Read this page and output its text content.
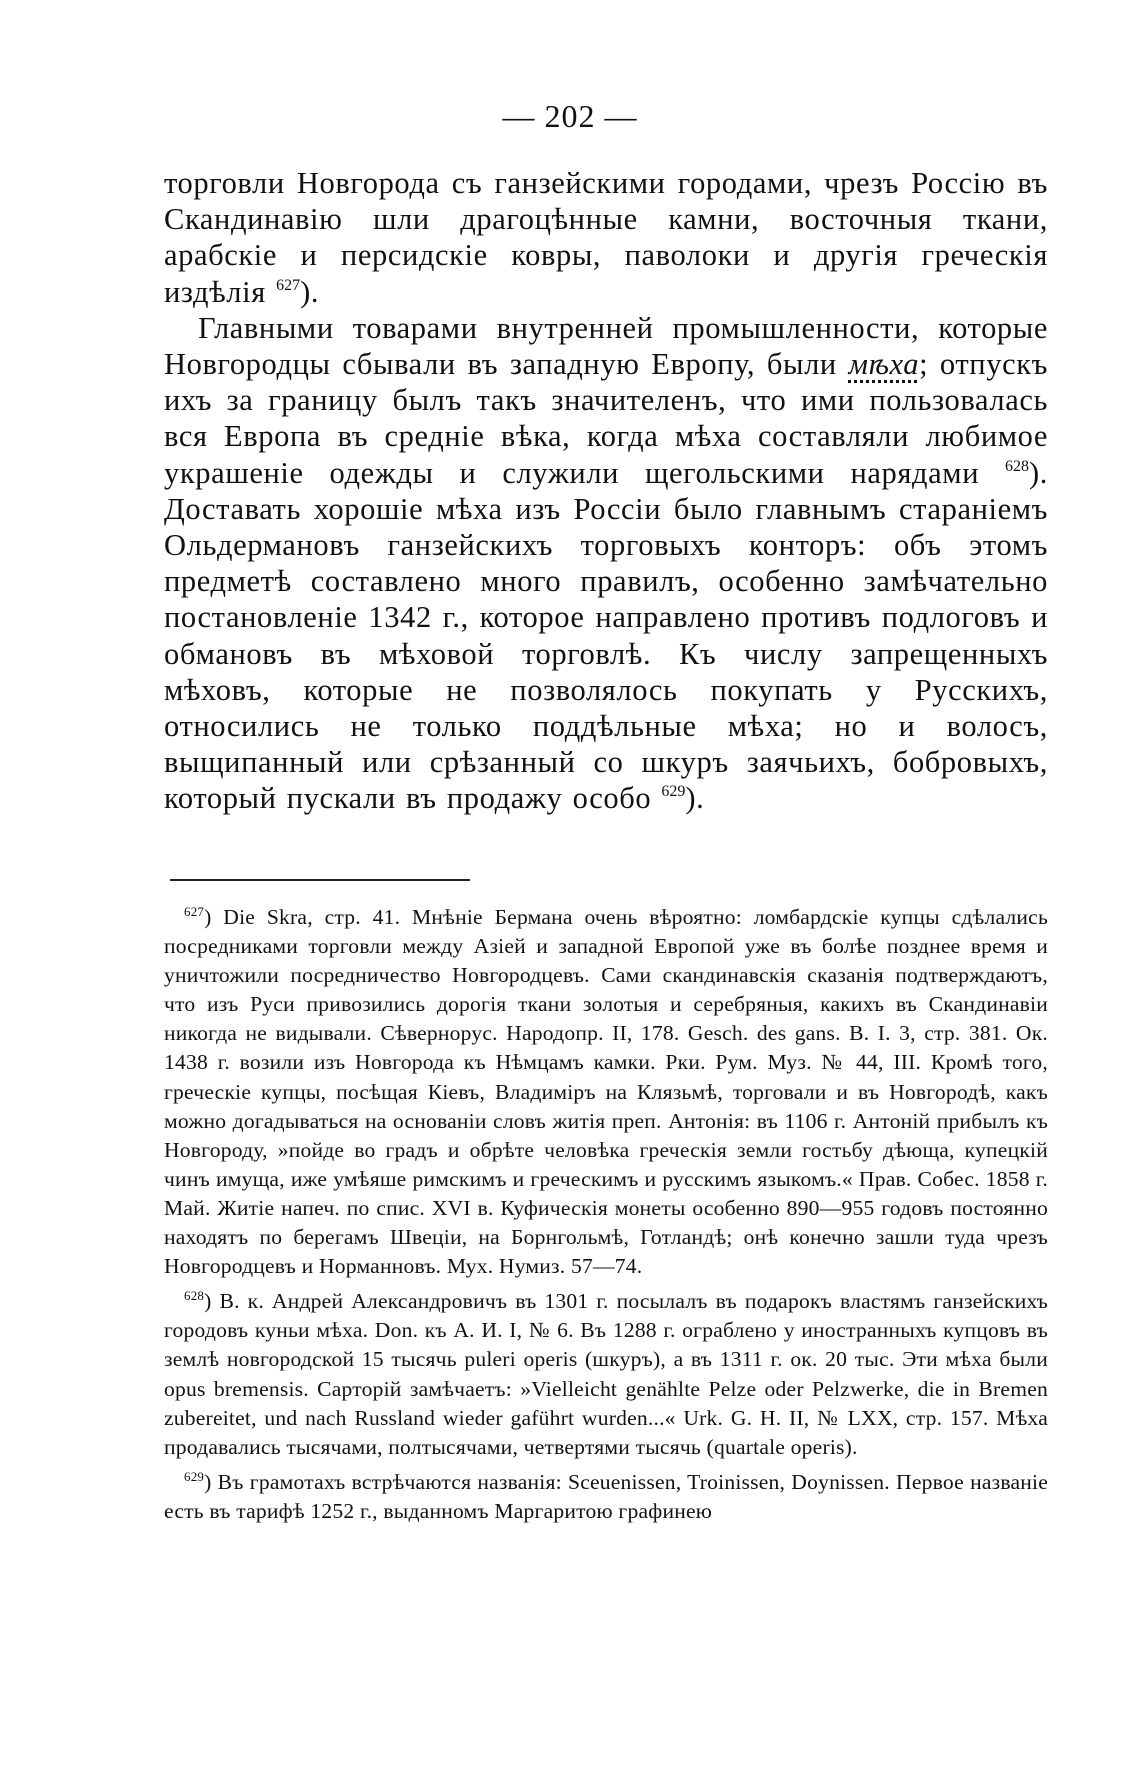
— 202 —

торговли Новгорода съ ганзейскими городами, чрезъ Россію въ Скандинавію шли драгоцѣнные камни, восточныя ткани, арабскіе и персидскіе ковры, паволоки и другія греческія издѣлія $^{627}$).

Главными товарами внутренней промышленности, которые Новгородцы сбывали въ западную Европу, были мѣха; отпускъ ихъ за границу былъ такъ значителенъ, что ими пользовалась вся Европа въ средніе вѣка, когда мѣха составляли любимое украшеніе одежды и служили щегольскими нарядами $^{628}$). Доставать хорошіе мѣха изъ Россіи было главнымъ стараніемъ Ольдермановъ ганзейскихъ торговыхъ конторъ: объ этомъ предметѣ составлено много правилъ, особенно замѣчательно постановленіе 1342 г., которое направлено противъ подлоговъ и обмановъ въ мѣховой торговлѣ. Къ числу запрещенныхъ мѣховъ, которые не позволялось покупать у Русскихъ, относились не только поддѣльные мѣха; но и волосъ, выщипанный или срѣзанный со шкуръ заячьихъ, бобровыхъ, который пускали въ продажу особо $^{629}$).

$^{627}$) Die Skra, стр. 41. Мнѣніе Бермана очень вѣроятно: ломбардскіе купцы сдѣлались посредниками торговли между Азіей и западной Европой уже въ болѣе позднее время и уничтожили посредничество Новгородцевъ. Сами скандинавскія сказанія подтверждаютъ, что изъ Руси привозились дорогія ткани золотыя и серебряныя, какихъ въ Скандинавіи никогда не видывали. Сѣвернорус. Народопр. II, 178. Gesch. des gans. B. I. 3, стр. 381. Ок. 1438 г. возили изъ Новгорода къ Нѣмцамъ камки. Рки. Рум. Муз. № 44, III. Кромѣ того, греческіе купцы, посѣщая Кіевъ, Владиміръ на Клязьмѣ, торговали и въ Новгородѣ, какъ можно догадываться на основаніи словъ житія преп. Антонія: въ 1106 г. Антоній прибылъ къ Новгороду, »пойде во градъ и обрѣте человѣка греческія земли гостьбу дѣюща, купецкій чинъ имуща, иже умѣяше римскимъ и греческимъ и русскимъ языкомъ.« Прав. Собес. 1858 г. Май. Житіе напеч. по спис. XVI в. Куфическія монеты особенно 890—955 годовъ постоянно находятъ по берегамъ Швеціи, на Борнгольмѣ, Готландѣ; онѣ конечно зашли туда чрезъ Новгородцевъ и Норманновъ. Мух. Нумиз. 57—74.

$^{628}$) В. к. Андрей Александровичъ въ 1301 г. посылалъ въ подарокъ властямъ ганзейскихъ городовъ куньи мѣха. Don. къ А. И. I, № 6. Въ 1288 г. ограблено у иностранныхъ купцовъ въ землѣ новгородской 15 тысячь puleri operis (шкуръ), а въ 1311 г. ок. 20 тыс. Эти мѣха были opus bremensis. Сарторій замѣчаетъ: »Vielleicht genählte Pelze oder Pelzwerke, die in Bremen zubereitet, und nach Russland wieder gaführt wurden...« Urk. G. H. II, № LXX, стр. 157. Мѣха продавались тысячами, полтысячами, четвертями тысячь (quartale operis).

$^{629}$) Въ грамотахъ встрѣчаются названія: Sceuenissen, Troinissen, Doynissen. Первое названіе есть въ тарифѣ 1252 г., выданномъ Маргаритою графинею
